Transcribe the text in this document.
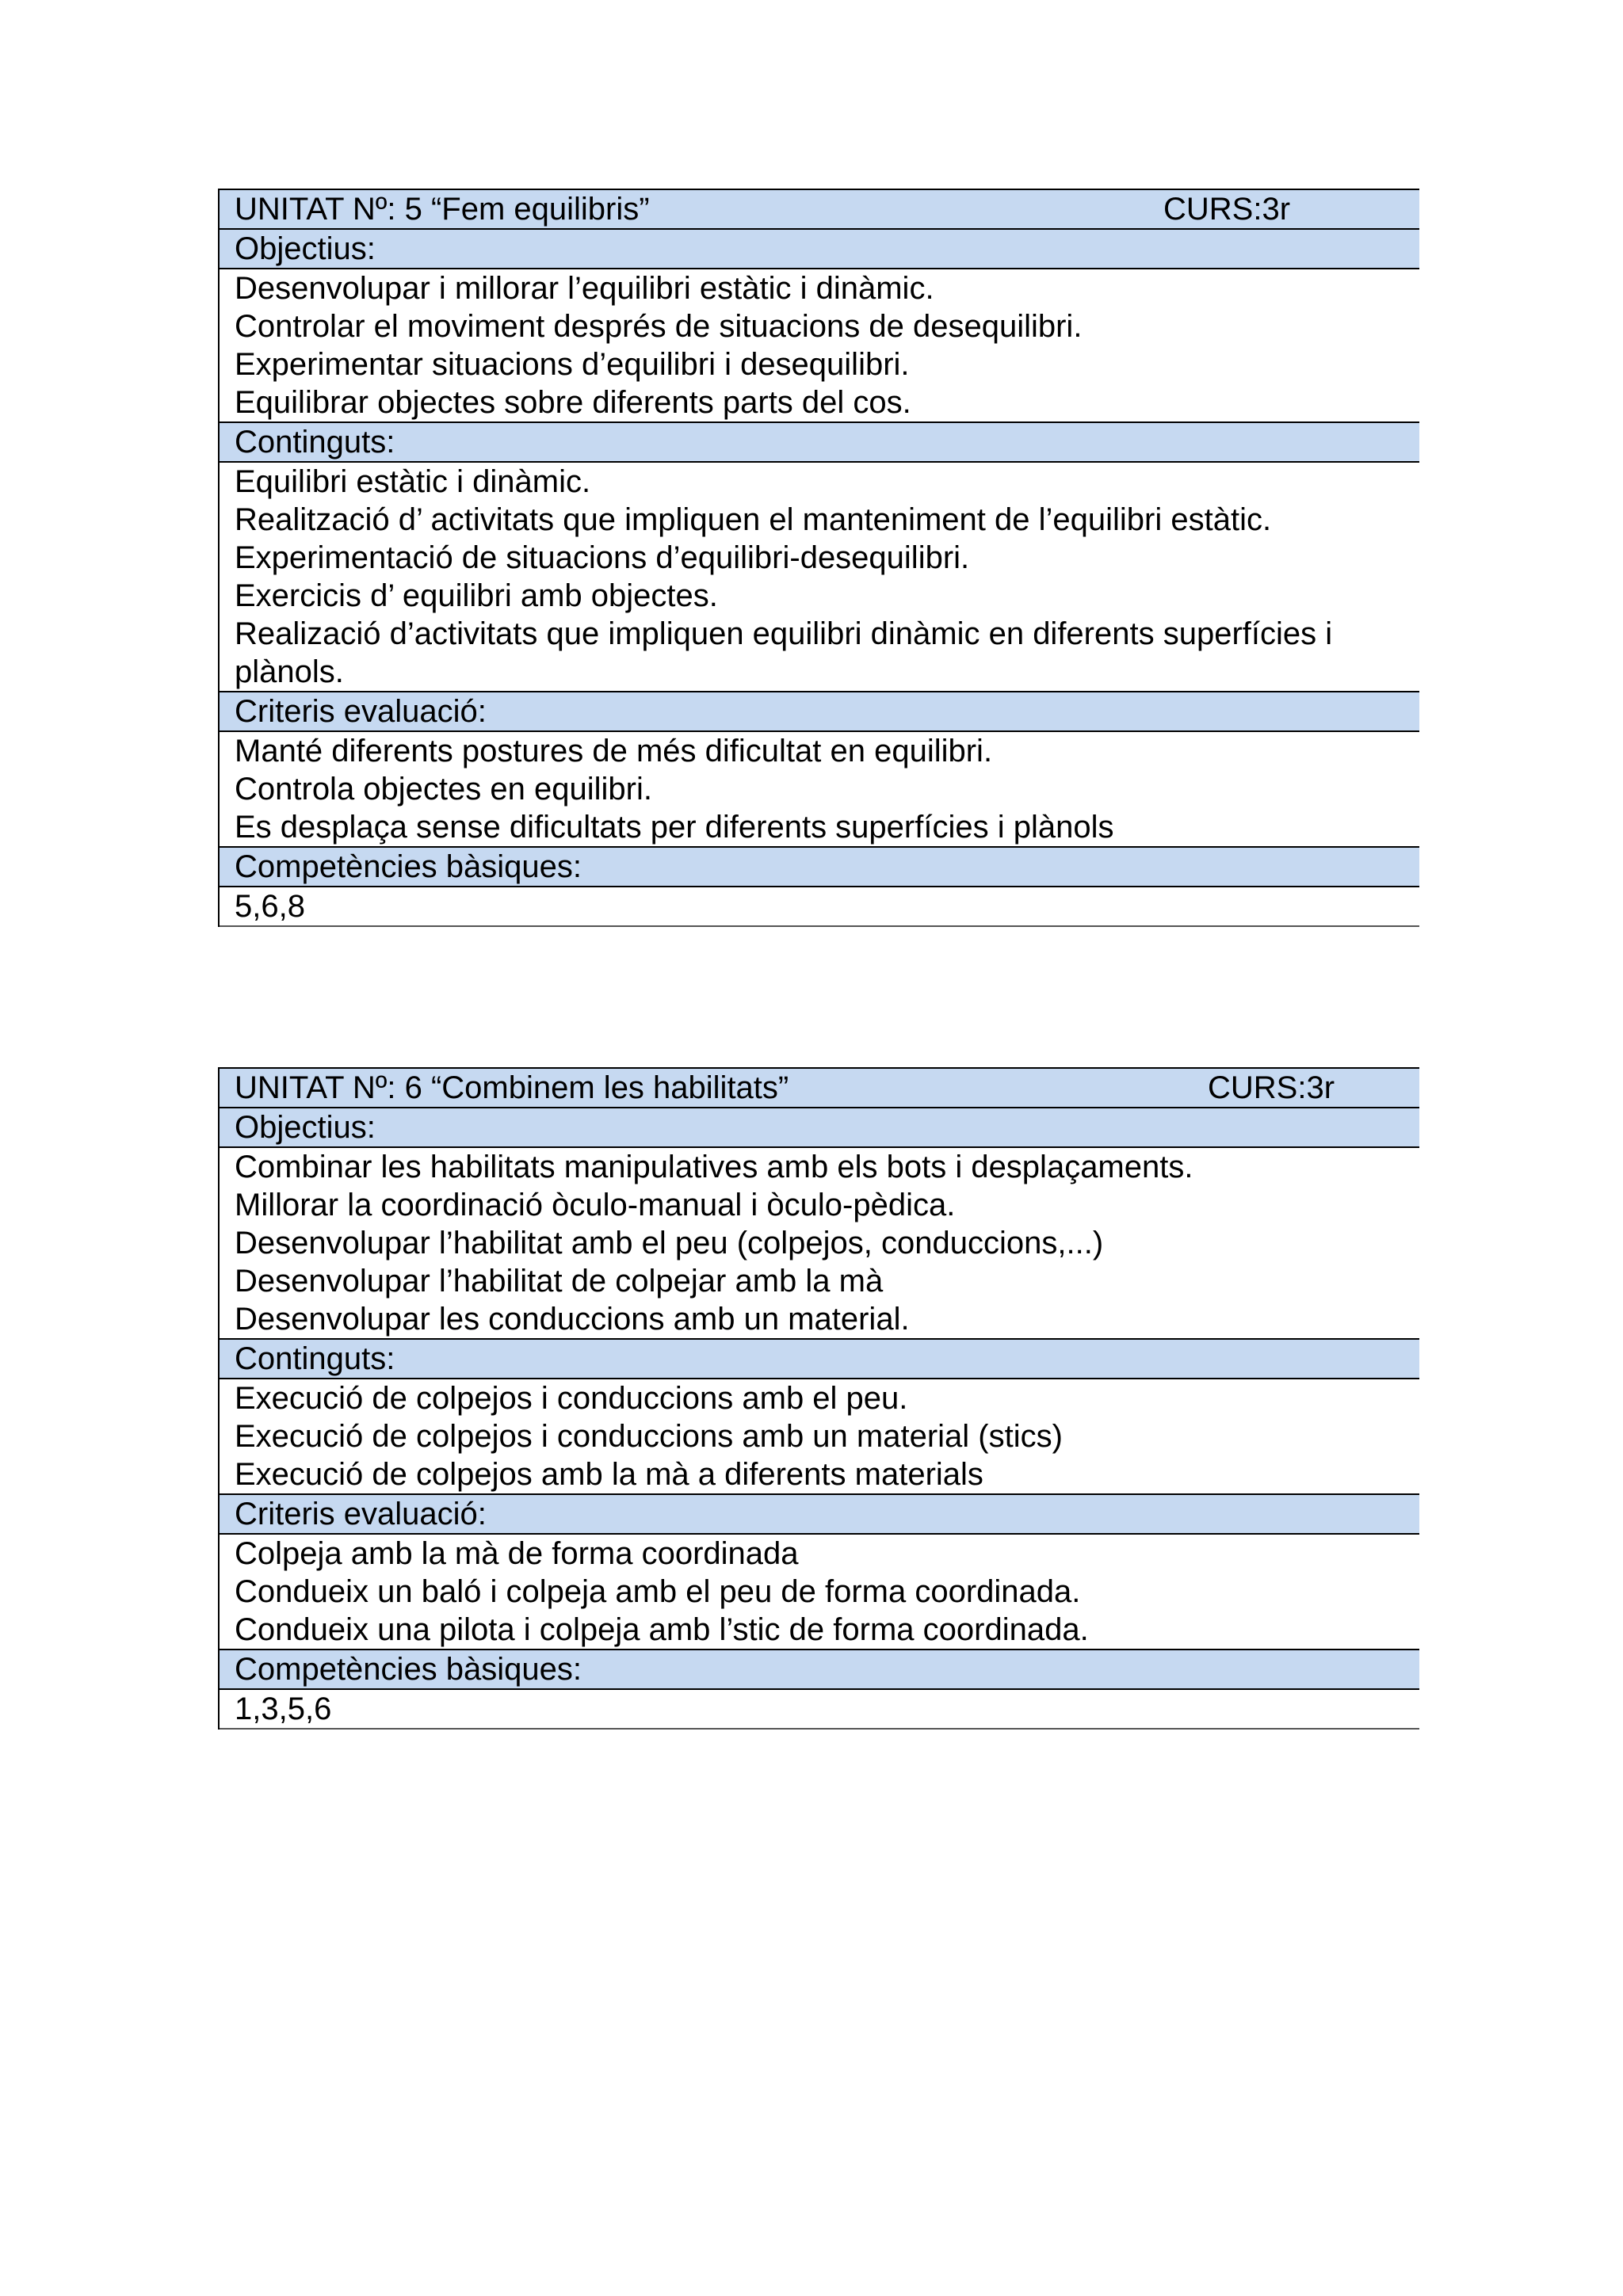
UNITAT Nº: 5 “Fem equilibris”	CURS:3r
Objectius:
Desenvolupar i millorar l’equilibri estàtic i dinàmic.
Controlar el moviment després de situacions de desequilibri.
Experimentar situacions d’equilibri i desequilibri.
Equilibrar objectes sobre diferents parts del cos.
Continguts:
Equilibri estàtic i dinàmic.
Realització d’ activitats que impliquen el manteniment de l’equilibri estàtic.
Experimentació de situacions d’equilibri-desequilibri.
Exercicis d’ equilibri amb objectes.
Realizació d’activitats que impliquen equilibri dinàmic en diferents superfícies i
plànols.
Criteris evaluació:
Manté diferents postures de més dificultat en equilibri.
Controla objectes en equilibri.
Es desplaça sense dificultats per diferents superfícies i plànols
Competències bàsiques:
5,6,8
UNITAT Nº: 6 “Combinem les habilitats”	CURS:3r
Objectius:
Combinar les habilitats manipulatives amb els bots i desplaçaments.
Millorar la coordinació òculo-manual i òculo-pèdica.
Desenvolupar l’habilitat amb el peu (colpejos, conduccions,...)
Desenvolupar l’habilitat de colpejar amb la mà
Desenvolupar les conduccions amb un material.
Continguts:
Execució de colpejos i conduccions amb el peu.
Execució de colpejos i conduccions amb un material (stics)
Execució de colpejos amb la mà a diferents materials
Criteris evaluació:
Colpeja amb la mà de forma coordinada
Condueix un baló i colpeja amb el peu de forma coordinada.
Condueix una pilota i colpeja amb l’stic de forma coordinada.
Competències bàsiques:
1,3,5,6
